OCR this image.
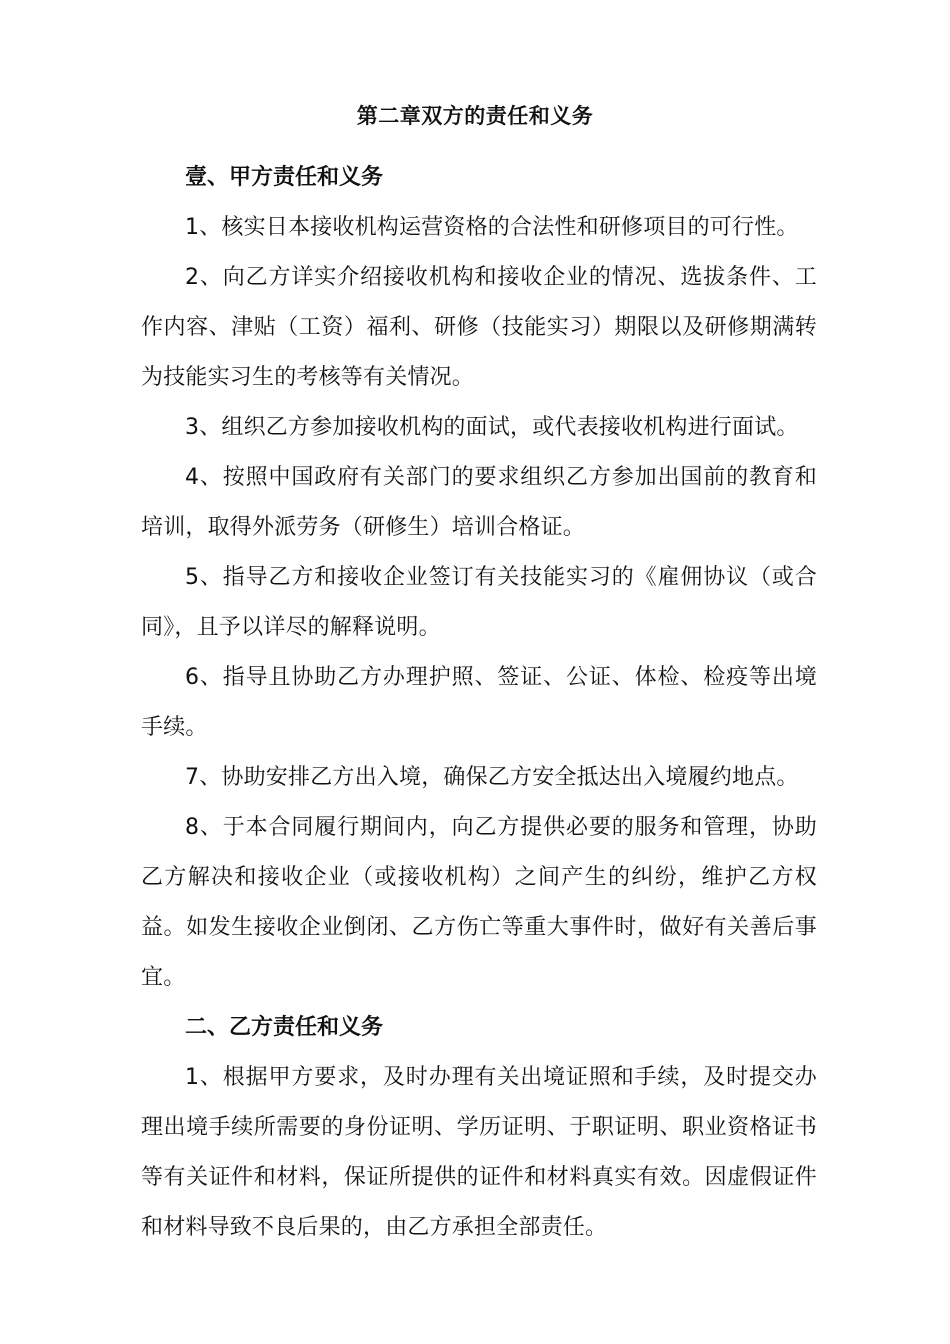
第二章双方的责任和义务

壹、甲方责任和义务

1、核实日本接收机构运营资格的合法性和研修项目的可行性。

2、向乙方详实介绍接收机构和接收企业的情况、选拔条件、工作内容、津贴（工资）福利、研修（技能实习）期限以及研修期满转为技能实习生的考核等有关情况。

3、组织乙方参加接收机构的面试，或代表接收机构进行面试。

4、按照中国政府有关部门的要求组织乙方参加出国前的教育和培训，取得外派劳务（研修生）培训合格证。

5、指导乙方和接收企业签订有关技能实习的《雇佣协议（或合同》，且予以详尽的解释说明。

6、指导且协助乙方办理护照、签证、公证、体检、检疫等出境手续。

7、协助安排乙方出入境，确保乙方安全抵达出入境履约地点。

8、于本合同履行期间内，向乙方提供必要的服务和管理，协助乙方解决和接收企业（或接收机构）之间产生的纠纷，维护乙方权益。如发生接收企业倒闭、乙方伤亡等重大事件时，做好有关善后事宜。

二、乙方责任和义务

1、根据甲方要求，及时办理有关出境证照和手续，及时提交办理出境手续所需要的身份证明、学历证明、于职证明、职业资格证书等有关证件和材料，保证所提供的证件和材料真实有效。因虚假证件和材料导致不良后果的，由乙方承担全部责任。
